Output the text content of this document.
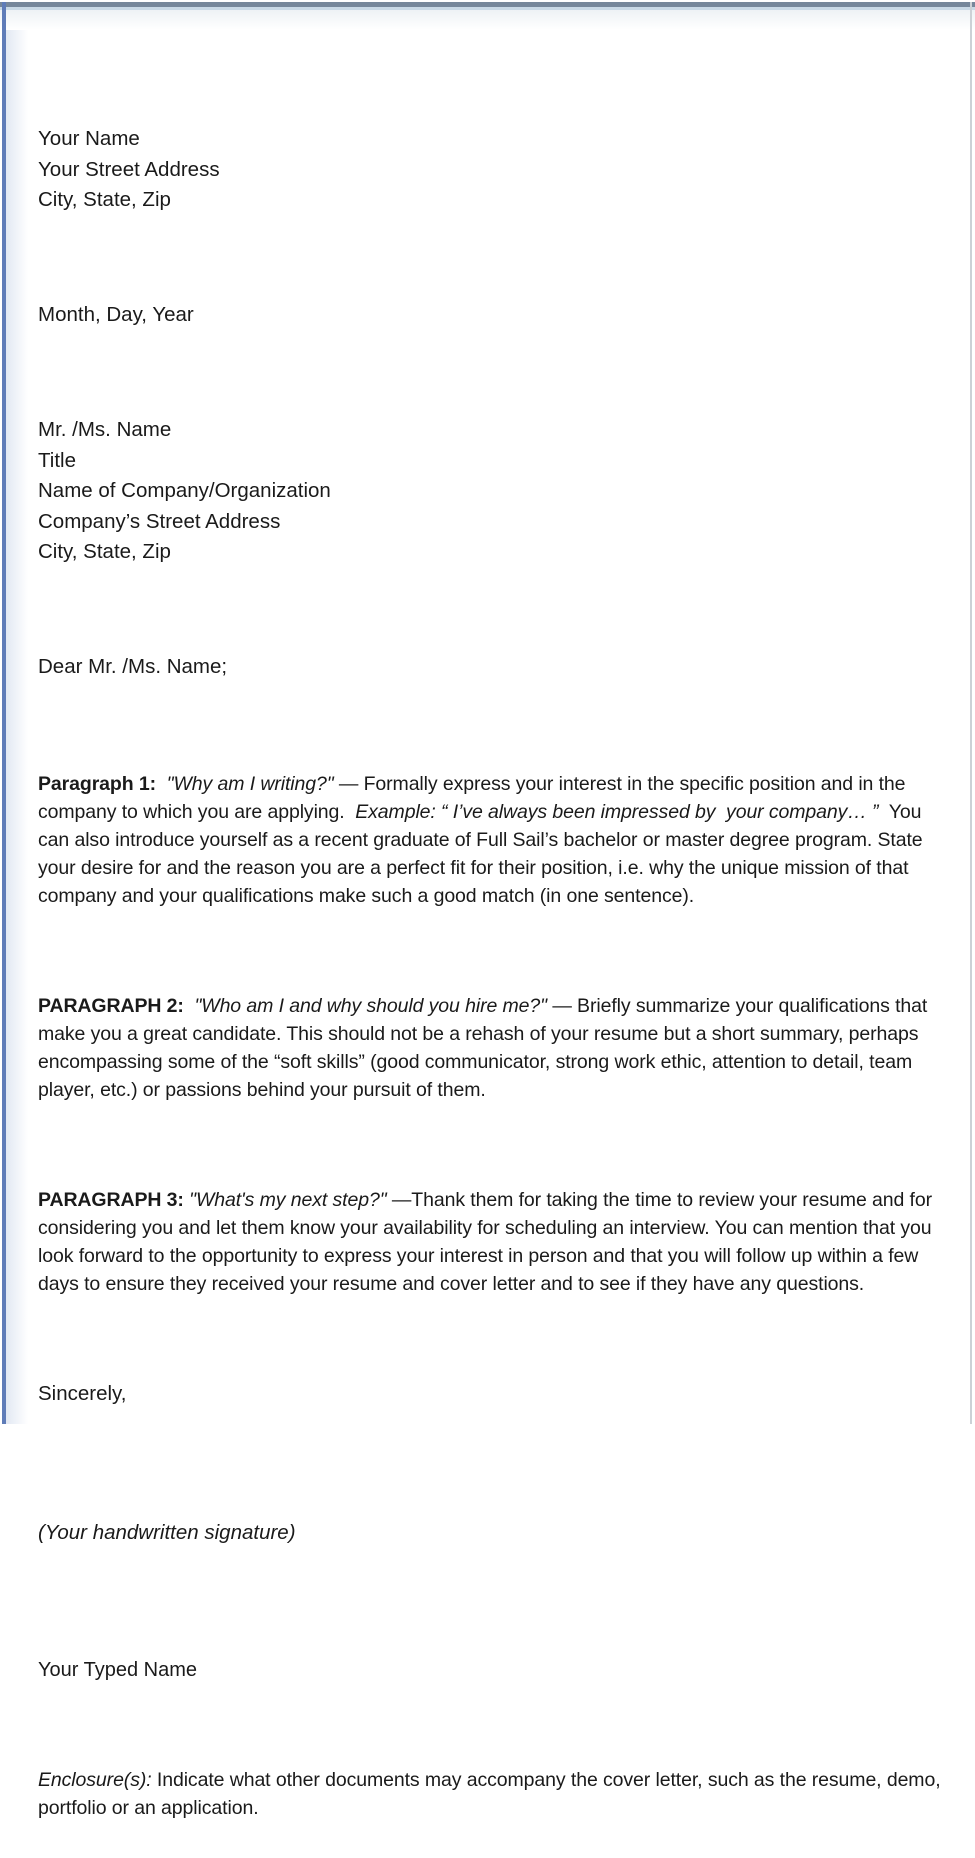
Your Name

Your Street Address

City, State, Zip

Month, Day, Year

Mr. /Ms. Name

Title

Name of Company/Organization

Company’s Street Address

City, State, Zip

Dear Mr. /Ms. Name;

Paragraph 1: "Why am I writing?" — Formally express your interest in the specific position and in the company to which you are applying.  Example: “ I’ve always been impressed by  your company… ”  You can also introduce yourself as a recent graduate of Full Sail’s bachelor or master degree program. State your desire for and the reason you are a perfect fit for their position, i.e. why the unique mission of that company and your qualifications make such a good match (in one sentence).

PARAGRAPH 2: "Who am I and why should you hire me?" — Briefly summarize your qualifications that make you a great candidate. This should not be a rehash of your resume but a short summary, perhaps encompassing some of the “soft skills” (good communicator, strong work ethic, attention to detail, team player, etc.) or passions behind your pursuit of them.

PARAGRAPH 3: "What's my next step?" —Thank them for taking the time to review your resume and for considering you and let them know your availability for scheduling an interview. You can mention that you look forward to the opportunity to express your interest in person and that you will follow up within a few days to ensure they received your resume and cover letter and to see if they have any questions.

Sincerely,

(Your handwritten signature)

Your Typed Name

Enclosure(s): Indicate what other documents may accompany the cover letter, such as the resume, demo, portfolio or an application.
